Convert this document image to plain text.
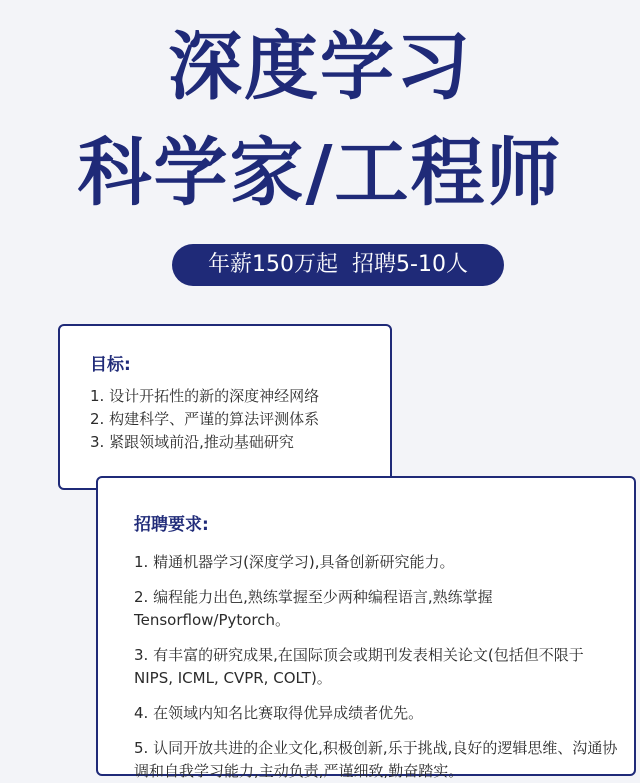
深度学习
科学家/工程师
年薪150万起 招聘5-10人
目标:
1. 设计开拓性的新的深度神经网络
2. 构建科学、严谨的算法评测体系
3. 紧跟领域前沿,推动基础研究
招聘要求:
1. 精通机器学习(深度学习),具备创新研究能力。
2. 编程能力出色,熟练掌握至少两种编程语言,熟练掌握Tensorflow/Pytorch。
3. 有丰富的研究成果,在国际顶会或期刊发表相关论文(包括但不限于 NIPS, ICML, CVPR, COLT)。
4. 在领域内知名比赛取得优异成绩者优先。
5. 认同开放共进的企业文化,积极创新,乐于挑战,良好的逻辑思维、沟通协调和自我学习能力,主动负责,严谨细致,勤奋踏实。
